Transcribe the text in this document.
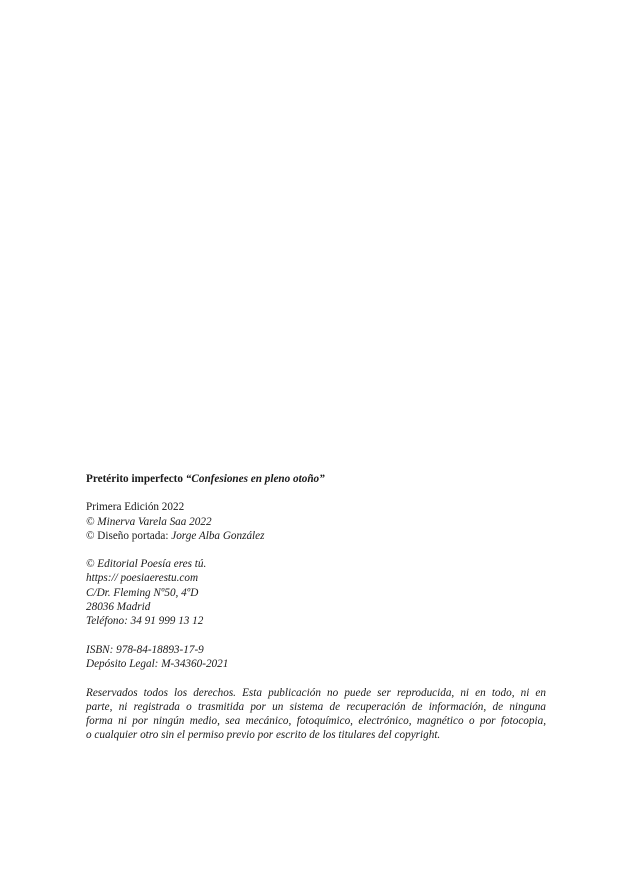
Pretérito imperfecto “Confesiones en pleno otoño”
Primera Edición 2022
© Minerva Varela Saa 2022
© Diseño portada: Jorge Alba González
© Editorial Poesía eres tú.
https:// poesiaerestu.com
C/Dr. Fleming Nº50, 4ºD
28036 Madrid
Teléfono: 34 91 999 13 12
ISBN: 978-84-18893-17-9
Depósito Legal: M-34360-2021
Reservados todos los derechos. Esta publicación no puede ser reproducida, ni en todo, ni en
parte, ni registrada o trasmitida por un sistema de recuperación de información, de ninguna
forma ni por ningún medio, sea mecánico, fotoquímico, electrónico, magnético o por fotocopia,
o cualquier otro sin el permiso previo por escrito de los titulares del copyright.
